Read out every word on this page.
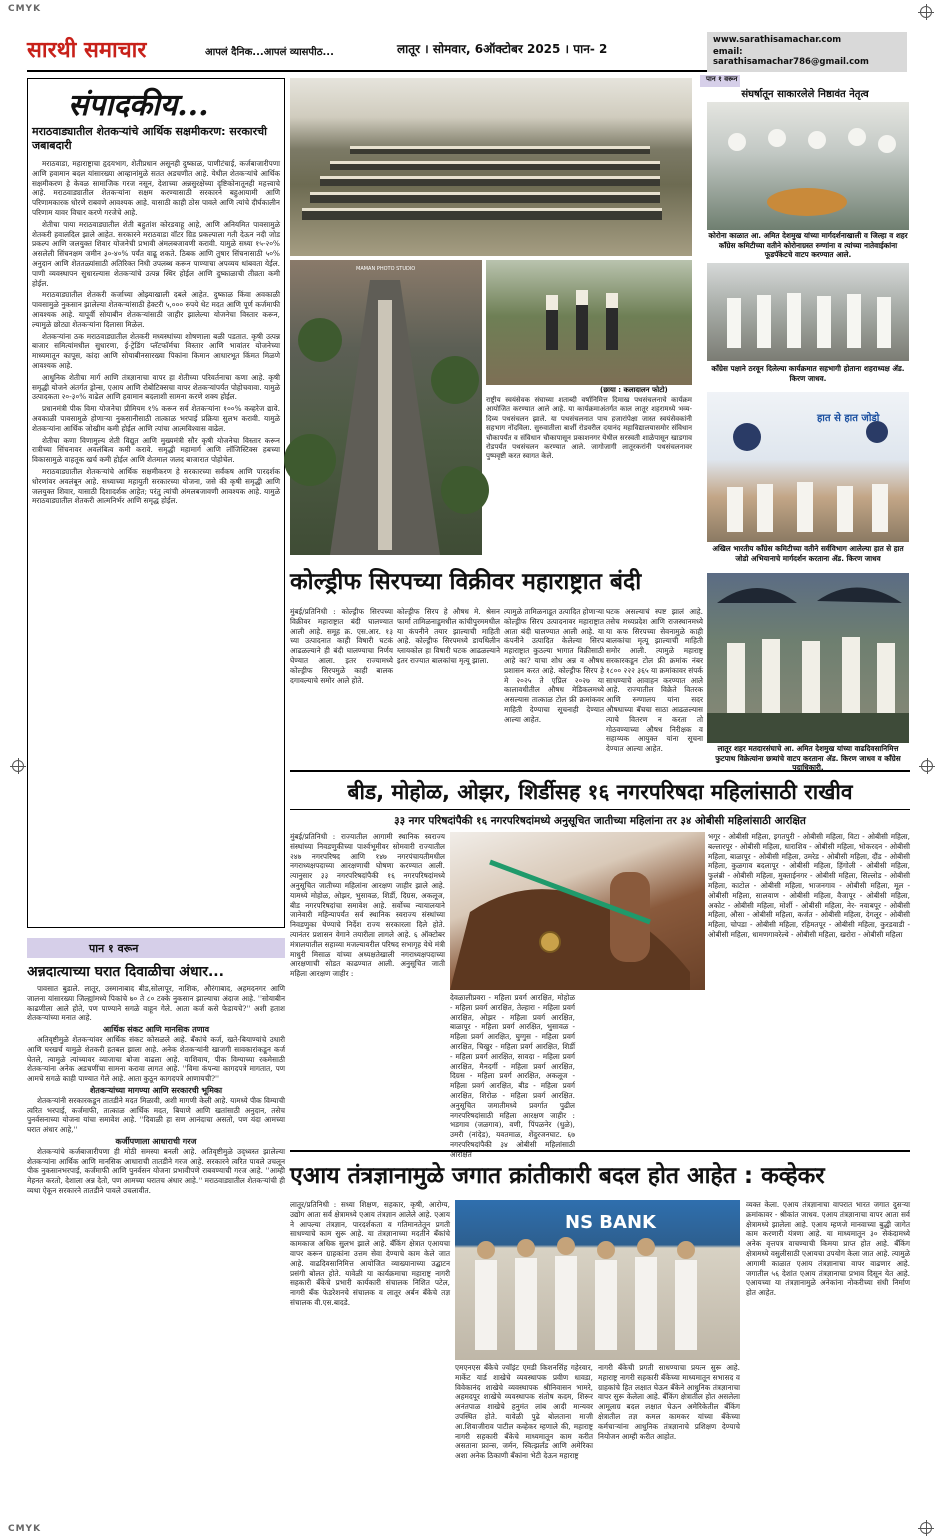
CMYK
CMYK
सारथी समाचार	आपलं दैनिक...आपलं व्यासपीठ...	लातूर । सोमवार, 6ऑक्टोबर 2025 । पान- 2
www.sarathisamachar.com
email: sarathisamachar786@gmail.com
संपादकीय...
मराठवाड्यातील शेतकऱ्यांचे आर्थिक सक्षमीकरण: सरकारची जबाबदारी

मराठवाडा, महाराष्ट्राचा हृदयभाग, शेतीप्रधान असूनही दुष्काळ, पाणीटंचाई, कर्जबाजारीपणा आणि हवामान बदल यांसारख्या आव्हानांमुळे सतत अडचणीत आहे. येथील शेतकऱ्यांचे आर्थिक सक्षमीकरण हे केवळ सामाजिक गरज नसून, देशाच्या अन्नसुरक्षेच्या दृष्टिकोनातूनही महत्त्वाचे आहे. मराठवाड्यातील शेतकऱ्यांना सक्षम करण्यासाठी सरकारने बहुआयामी आणि परिणामकारक धोरणे राबवणे आवश्यक आहे. यासाठी काही ठोस पावले आणि त्यांचे दीर्घकालीन परिणाम यावर विचार करणे गरजेचे आहे.

शेतीचा पाया मराठवाड्यातील शेती बहुतांश कोरडवाहू आहे, आणि अनियमित पावसामुळे शेतकरी हवालदिल झाले आहेत. सरकारने मराठवाडा वॉटर ग्रिड प्रकल्पाला गती देऊन नदी जोड प्रकल्प आणि जलयुक्त शिवार योजनेची प्रभावी अंमलबजावणी करावी. यामुळे सध्या १५-२०% असलेली सिंचनक्षम जमीन ३०-४०% पर्यंत वाढू शकते. ठिबक आणि तुषार सिंचनासाठी ५०% अनुदान आणि शेततळ्यांसाठी अतिरिक्त निधी उपलब्ध करून पाण्याचा अपव्यय थांबवता येईल. पाणी व्यवस्थापन सुधारल्यास शेतकऱ्यांचे उत्पन्न स्थिर होईल आणि दुष्काळाची तीव्रता कमी होईल.

मराठवाड्यातील शेतकरी कर्जाच्या ओझ्याखाली दबले आहेत. दुष्काळ किंवा अवकाळी पावसामुळे नुकसान झालेल्या शेतकऱ्यांसाठी हेक्टरी ५,००० रुपये थेट मदत आणि पूर्ण कर्जमाफी आवश्यक आहे. यापूर्वी सोयाबीन शेतकऱ्यांसाठी जाहीर झालेल्या योजनेचा विस्तार करून, ल्यामुळे छोट्या शेतकऱ्यांना दिलासा मिळेल.

शेतकऱ्यांना ठक मराठवाड्यातील शेतकरी मध्यस्थांच्या शोषणाला बळी पडतात. कृषी उत्पन्न बाजार समित्यांमधील सुधारणा, ई-ट्रेडिंग प्लॅटफॉर्मचा विस्तार आणि भावांतर योजनेच्या माध्यमातून कापूस, कांदा आणि सोयाबीनसारख्या पिकांना किमान आधारभूत किंमत मिळणे आवश्यक आहे.

आधुनिक शेतीचा मार्ग आणि तंत्रज्ञानाचा वापर हा शेतीच्या परिवर्तनाचा कणा आहे. कृषी समृद्धी योजने अंतर्गत ड्रोन्स, एआय आणि रोबोटिक्सचा वापर शेतकऱ्यांपर्यंत पोहोचवावा. यामुळे उत्पादकता २०-३०% वाढेल आणि हवामान बदलाशी सामना करणे शक्य होईल.

प्रधानमंत्री पीक विमा योजनेचा प्रीमियम १% करून सर्व शेतकऱ्यांना १००% कव्हरेज द्यावे. अवकाळी पावसामुळे होणाऱ्या नुकसानीसाठी तात्काळ भरपाई प्रक्रिया सुलभ करावी. यामुळे शेतकऱ्यांना आर्थिक जोखीम कमी होईल आणि त्यांचा आत्मविश्वास वाढेल.

शेतीचा कणा विणामुल्य शेती विद्युत आणि मुख्यमंत्री सौर कृषी योजनेचा विस्तार करून रात्रीच्या सिंचनावर अवलंबित्व कमी करावे. समृद्धी महामार्ग आणि लॉजिस्टिक्स हबच्या विकासामुळे वाहतूक खर्च कमी होईल आणि शेतमाल जलद बाजारात पोहोचेल.

मराठवाड्यातील शेतकऱ्यांचे आर्थिक सक्षमीकरण हे सरकारच्या सर्वंकष आणि पारदर्शक धोरणांवर अवलंबून आहे. सध्याच्या महायुती सरकारच्या योजना, जसे की कृषी समृद्धी आणि जलयुक्त शिवार, यासाठी दिशादर्शक आहेत; परंतु त्यांची अंमलबजावणी आवश्यक आहे. यामुळे मराठवाड्यातील शेतकरी आत्मनिर्भर आणि समृद्ध होईल.

पान १ वरून
अन्नदात्याच्या घरात दिवाळीचा अंधार...

पावसात बुडाले. लातूर, उस्मानाबाद बीड,सोलापूर, नाशिक, औरंगाबाद, अहमदनगर आणि जालना यांसारख्या जिल्ह्यांमध्ये पिकांचे ७० ते ८० टक्के नुकसान झाल्याचा अंदाज आहे. ''सोयाबीन काढणीला आले होते, पण पाण्याने सगळे वाहून गेले. आता कर्ज कसे फेडायचे?'' अशी हताश शेतकऱ्यांच्या मनात आहे.

आर्थिक संकट आणि मानसिक तणाव

अतिवृष्टीमुळे शेतकऱ्यांवर आर्थिक संकट कोसळले आहे. बँकांचे कर्ज, खते-बियाण्यांचे उधारी आणि घरखर्च यामुळे शेतकरी हतबल झाला आहे. अनेक शेतकऱ्यांनी खाजगी सावकारांकडून कर्ज घेतले, त्यामुळे त्यांच्यावर व्याजाचा बोजा वाढला आहे. याशिवाय, पीक विम्याच्या रकमेसाठी शेतकऱ्यांना अनेक अडचणींचा सामना करावा लागत आहे. ''विमा कंपन्या कागदपत्रे मागतात, पण आमचे सगळे काही पाण्यात गेले आहे. आता कुठून कागदपत्रे आणायची?''

शेतकऱ्यांच्या मागण्या आणि सरकारची भूमिका

शेतकऱ्यांनी सरकारकडून तातडीने मदत मिळावी, अशी मागणी केली आहे. यामध्ये पीक विम्याची त्वरित भरपाई, कर्जमाफी, तात्काळ आर्थिक मदत, बियाणे आणि खतांसाठी अनुदान, तसेच पुनर्वसनाच्या योजना यांचा समावेश आहे. ''दिवाळी हा सण आनंदाचा असतो, पण यंदा आमच्या घरात अंधार आहे,''

कर्जीपणाला आधाराची गरज

शेतकऱ्यांचे कर्जबाजारीपणा ही मोठी समस्या बनली आहे. अतिवृष्टीमुळे उद्ध्वस्त झालेल्या शेतकऱ्यांना आर्थिक आणि मानसिक आधाराची तातडीने गरज आहे. सरकारने त्वरित पावले उचलून पीक नुकसानभरपाई, कर्जमाफी आणि पुनर्वसन योजना प्रभावीपणे राबवण्याची गरज आहे. ''आम्ही मेहनत करतो, देशाला अन्न देतो, पण आमच्या घरातच अंधार आहे.'' मराठवाड्यातील शेतकऱ्यांची ही व्यथा ऐकून सरकारने तातडीने पावले उचलावीत.

MAMAN PHOTO STUDIO
(छाया : कलादालन फोटो)
राष्ट्रीय स्वयंसेवक संघाच्या शताब्दी वर्षानिमित्त दिमाख पथसंचलनाचे कार्यक्रम आयोजित करण्यात आले आहे. या कार्यक्रमाअंतर्गत काल लातूर शहरामध्ये भव्य-दिव्य पथसंचलन झाले. या पथसंचलनात पाच हजारांपेक्षा जास्त स्वयंसेवकांनी सहभाग नोंदविला. सुरुवातीला बार्शी रोडवरील दयानंद महाविद्यालयासमोर संविधान चौकापर्यंत व संविधान चौकापासून प्रकाशनगर येथील सरस्वती शाळेपासून खाडगाव रोडपर्यंत पथसंचलन करण्यात आले. जागोजागी लातूरकरांनी पथसंचलनावर पुष्पवृष्टी करत स्वागत केले.
पान १ वरून
संघर्षातून साकारलेले निष्ठावंत नेतृत्व
कोरोना काळात आ. अमित देशमुख यांच्या मार्गदर्शनाखाली व जिल्हा व शहर काँग्रेस कमिटीच्या वतीने कोरोनाग्रस्त रुग्णांना व त्यांच्या नातेवाईकांना फूडपॅकेटचे वाटप करण्यात आले.
काँग्रेस पक्षाने ठरवून दिलेल्या कार्यक्रमात सहभागी होताना शहराध्यक्ष ॲड. किरण जाधव.
हात से हात जोडो
अखिल भारतीय काँग्रेस कमिटीच्या वतीने सर्वविभाग आलेल्या हात से हात जोडो अभियानाचे मार्गदर्शन करताना ॲड. किरण जाधव
लातूर शहर मतदारसंघाचे आ. अमित देशमुख यांच्या वाढदिवसानिमित्त फुटपाथ विक्रेत्यांना छत्र्यांचे वाटप करताना ॲड. किरण जाधव व काँग्रेस पदाधिकारी.
कोल्ड्रीफ सिरपच्या विक्रीवर महाराष्ट्रात बंदी
मुंबई/प्रतिनिधी : कोल्ड्रीफ सिरपच्या विक्रीवर महाराष्ट्रात बंदी घालण्यात आली आहे. समूह क्र. एस.आर. १३ च्या उत्पादनात काही विषारी घटकं आढळल्याने ही बंदी घालण्याचा निर्णय घेण्यात आला. इतर राज्यामध्ये कोल्ड्रीफ सिरपमुळे काही बालक दगावल्याचे समोर आले होते.
कोल्ड्रीफ सिरप हे औषध मे. श्रेसन फार्मा तामिळनाडूमधील कांचीपुरममधील या कंपनीने तयार झाल्याची माहिती आहे. कोल्ड्रीफ सिरपमध्ये डायथिलीन ग्लायकोल हा विषारी घटक आढळल्याने इतर राज्यात बालकांचा मृत्यू झाला.
त्यामुळे तामिळनाडूत उत्पादित होणाऱ्या कोल्ड्रीफ सिरप उत्पादनावर महाराष्ट्रात आता बंदी घालण्यात आली आहे. या कंपनीने उत्पादित केलेल्या सिरप महाराष्ट्रात कुठल्या भागात विक्रीसाठी आहे का? याचा शोध अन्न व औषध प्रशासन करत आहे. कोल्ड्रीफ सिरप हे मे २०२५ ते एप्रिल २०२७ या कालावधीतील औषध मेडिकलमध्ये असल्यास तात्काळ टोल फ्री क्रमांकवर माहिती देण्याचा सूचनाही देण्यात आल्या आहेत.
घटक असल्याचं स्पष्ट झालं आहे. तसेच मध्यप्रदेश आणि राजस्थानमध्ये या कफ सिरपच्या सेवनामुळे काही बालकांचा मृत्यू झाल्याची माहिती समोर आली. त्यामुळे महाराष्ट्र सरकारकडून टोल फ्री क्रमांक नंबर १८०० २२२ ३६५ या क्रमांकावर संपर्क साधण्याचे आवाहन करण्यात आले आहे. राज्यातील विक्रेते वितरक आणि रुग्णालय यांना सदर औषधाच्या बॅचचा साठा आढळल्यास त्याचे वितरण न करता तो गोठवण्याच्या औषध निरीक्षक व सहाय्यक आयुक्त यांना सूचना देण्यात आल्या आहेत.
बीड, मोहोळ, ओझर, शिर्डीसह १६ नगरपरिषदा महिलांसाठी राखीव
३३ नगर परिषदांपैकी १६ नगरपरिषदांमध्ये अनुसूचित जातीच्या महिलांना तर ३४ ओबीसी महिलांसाठी आरक्षित
मुंबई/प्रतिनिधी : राज्यातील आगामी स्थानिक स्वराज्य संस्थांच्या निवडणुकीच्या पार्श्वभूमीवर सोमवारी राज्यातील २४७ नगरपरिषद आणि १४७ नगरपंचायतीमधील नगराध्यक्षपदाच्या आरक्षणाची घोषणा करण्यात आली. त्यानुसार ३३ नगरपरिषदांपैकी १६ नगरपरिषदांमध्ये अनुसूचित जातीच्या महिलांना आरक्षण जाहीर झाले आहे. यामध्ये मोहोळ, ओझर, भुसावळ, शिर्डी, दिग्रस, अकलूज, बीड नगरपरिषदांचा समावेश आहे. सर्वोच्च न्यायालयाने जानेवारी महिन्यापर्यंत सर्व स्थानिक स्वराज्य संस्थांच्या निवडणुका घेण्याचे निर्देश राज्य सरकारला दिले होते. त्यानंतर प्रशासन वेगाने तयारीला लागले आहे. ६ ऑक्टोबर मंत्रालयातील सहाव्या मजल्यावरील परिषद सभागृह येथे मंत्री माधुरी मिसाळ यांच्या अध्यक्षतेखाली नगराध्यक्षपदाच्या आरक्षणाची सोडत काढण्यात आली. अनुसूचित जाती महिला आरक्षण जाहीर :
देवळालीप्रवरा - महिला प्रवर्ग आरक्षित, मोहोळ - महिला प्रवर्ग आरक्षित, तेल्हारा - महिला प्रवर्ग आरक्षित, ओझर - महिला प्रवर्ग आरक्षित, बाळापूर - महिला प्रवर्ग आरक्षित, भुसावळ - महिला प्रवर्ग आरक्षित, घुग्गुस - महिला प्रवर्ग आरक्षित, चिखुर - महिला प्रवर्ग आरक्षित, शिर्डी - महिला प्रवर्ग आरक्षित, सावदा - महिला प्रवर्ग आरक्षित, मैनदर्गी - महिला प्रवर्ग आरक्षित, दिग्रस - महिला प्रवर्ग आरक्षित, अकलूज - महिला प्रवर्ग आरक्षित, बीड - महिला प्रवर्ग आरक्षित, शिरोळ - महिला प्रवर्ग आरक्षित. अनुसूचित जमातीमध्ये प्रवर्गात पुढील नगरपरिषदांसाठी महिला आरक्षण जाहीर : भडगाव (जळगाव), वणी, पिंपळनेर (धुळे), उमरी (नांदेड), यवतमाळ, शेंदुरजनघाट. ६७ नगरपरिषदांपैकी ३४ ओबीसी महिलांसाठी आरक्षित
भगूर - ओबीसी महिला, इगतपुरी - ओबीसी महिला, विटा - ओबीसी महिला, बल्लारपूर - ओबीसी महिला, धाराशिव - ओबीसी महिला, भोकरदन - ओबीसी महिला, बाळापूर - ओबीसी महिला, उमरेड - ओबीसी महिला, दौंड - ओबीसी महिला, कुळगाव बदलापूर - ओबीसी महिला, हिंगोली - ओबीसी महिला, फुलंब्री - ओबीसी महिला, मुक्ताईनगर - ओबीसी महिला, सिल्लोड - ओबीसी महिला, काटोल - ओबीसी महिला, भाजनगाव - ओबीसी महिला, मूल - ओबीसी महिला, सालवाण - ओबीसी महिला, वैजापूर - ओबीसी महिला, अकोट - ओबीसी महिला, मोर्शी - ओबीसी महिला, नेर- नवाबपूर - ओबीसी महिला, औसा - ओबीसी महिला, कर्जत - ओबीसी महिला, देगलूर - ओबीसी महिला, चोपडा - ओबीसी महिला, रहिमतपूर - ओबीसी महिला, कुरडवाडी - ओबीसी महिला, धामणगावरेल्वे - ओबीसी महिला, खरोरा - ओबीसी महिला
एआय तंत्रज्ञानामुळे जगात क्रांतीकारी बदल होत आहेत : कव्हेकर
लातूर/प्रतिनिधी : सध्या शिक्षण, सहकार, कृषी, आरोग्य, उद्योग आता सर्व क्षेत्रामध्ये एआय तंत्रज्ञान आलेले आहे. एआय ने आपल्या तंत्रज्ञान, पारदर्शकता व गतिमानतेतून प्रगती साधण्याचे काम सुरू आहे. या तंत्रज्ञानाच्या मदतीने बँकांचे कामकाज अधिक सुलभ झाले आहे. बँकिंग क्षेत्रात एआयचा वापर करून ग्राहकांना उत्तम सेवा देण्याचे काम केले जात आहे. वाढदिवसानिमित्त आयोजित व्याख्यानाच्या उद्घाटन प्रसंगी बोलत होते. यावेळी या कार्यक्रमाचा महाराष्ट्र नागरी सहकारी बँकेचे प्रभारी कार्यकारी संचालक निशित पटेल, नागरी बँक फेडरेशनचे संचालक व लातूर अर्बन बँकेचे तज्ञ संचालक वी.एस.बादडे.
NS BANK
एमएनएस बँकेचे ज्वॉइंट एमडी किशनसिंह गहेरवार, मार्केट यार्ड शाखेचे व्यवस्थापक प्रवीण धावडा, विवेकानंद शाखेचे व्यवस्थापक श्रीनिवासन भामरे, अहमदपूर शाखेचे व्यवस्थापक संतोष कदम, शिरूर अनंतपाळ शाखेचे हनुमंत लांब आदी मान्यवर उपस्थित होते. यावेळी पुढे बोलताना माजी आ.शिवाजीराव पाटील कव्हेकर म्हणाले की, महाराष्ट्र नागरी सहकारी बँकेचे माध्यमातून काम करीत असताना फ्रान्स, जर्मन, स्वित्झर्लंड आणि अमेरिका अशा अनेक ठिकाणी बँकांना भेटी देऊन महाराष्ट्र
नागरी बँकेची प्रगती साधण्याचा प्रयत्न सुरू आहे. महाराष्ट्र नागरी सहकारी बँकेच्या माध्यमातून सभासद व ग्राहकांचे हित लक्षात घेऊन बँकेने आधुनिक तंत्रज्ञानाचा वापर सुरू केलेला आहे. बँकिंग क्षेत्रातील होत असलेला आमूलाग्र बदल लक्षात घेऊन अमेरिकेतील बँकिंग क्षेत्रातील तज्ञ कमल कामकर यांच्या बँकेच्या कर्मचाऱ्यांना आधुनिक तंत्रज्ञानाचे प्रशिक्षण देण्याचे नियोजन आम्ही करीत आहोत.
व्यक्त केला. एआय तंत्रज्ञानाचा वापरात भारत जगात दुसऱ्या क्रमांकावर - श्रीकांत जाधव. एआय तंत्रज्ञानाचा वापर आता सर्व क्षेत्रामध्ये झालेला आहे. एआय म्हणजे मानवाच्या बुद्धी जागेत काम करणारी यंत्रणा आहे. या माध्यमातून ३० सेकंदामध्ये अनेक वृत्तपत्र वाचण्याची किमया प्राप्त होत आहे. बँकिंग क्षेत्रामध्ये वसुलीसाठी एआयचा उपयोग केला जात आहे. त्यामुळे आगामी काळात एआय तंत्रज्ञानाचा वापर वाढणार आहे. जगातील ५६ देशांत एआय तंत्रज्ञानाचा प्रभाव दिसून येत आहे. एआयच्या या तंत्रज्ञानामुळे अनेकांना नोकरीच्या संधी निर्माण होत आहेत.
